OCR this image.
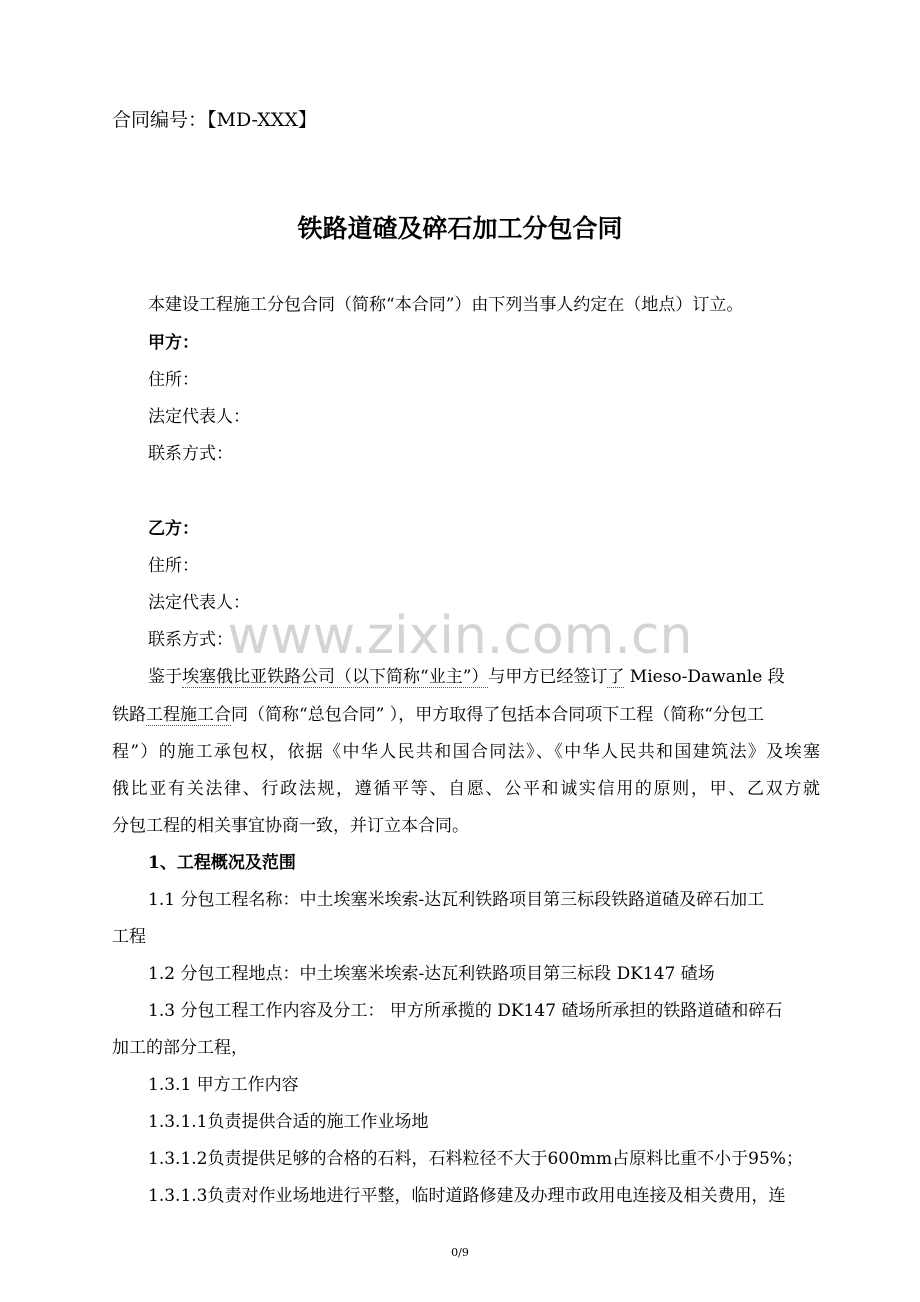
合同编号：【MD-XXX】
铁路道碴及碎石加工分包合同

本建设工程施工分包合同（简称“本合同”）由下列当事人约定在（地点）订立。

甲方：

住所：

法定代表人：

联系方式：

乙方：

住所：

法定代表人：

联系方式：

www.zixin.com.cn

鉴于埃塞俄比亚铁路公司（以下简称“业主”）与甲方已经签订了 Mieso-Dawanle 段

铁路工程施工合同（简称“总包合同” ），甲方取得了包括本合同项下工程（简称“分包工

程”）的施工承包权，依据《中华人民共和国合同法》、《中华人民共和国建筑法》及埃塞

俄比亚有关法律、行政法规，遵循平等、自愿、公平和诚实信用的原则，甲、乙双方就

分包工程的相关事宜协商一致，并订立本合同。

1、工程概况及范围

1.1 分包工程名称：中土埃塞米埃索-达瓦利铁路项目第三标段铁路道碴及碎石加工

工程

1.2 分包工程地点：中土埃塞米埃索-达瓦利铁路项目第三标段 DK147 碴场

1.3 分包工程工作内容及分工： 甲方所承揽的 DK147 碴场所承担的铁路道碴和碎石

加工的部分工程，

1.3.1 甲方工作内容

1.3.1.1负责提供合适的施工作业场地

1.3.1.2负责提供足够的合格的石料，石料粒径不大于600mm占原料比重不小于95%；

1.3.1.3负责对作业场地进行平整，临时道路修建及办理市政用电连接及相关费用，连

0/9
